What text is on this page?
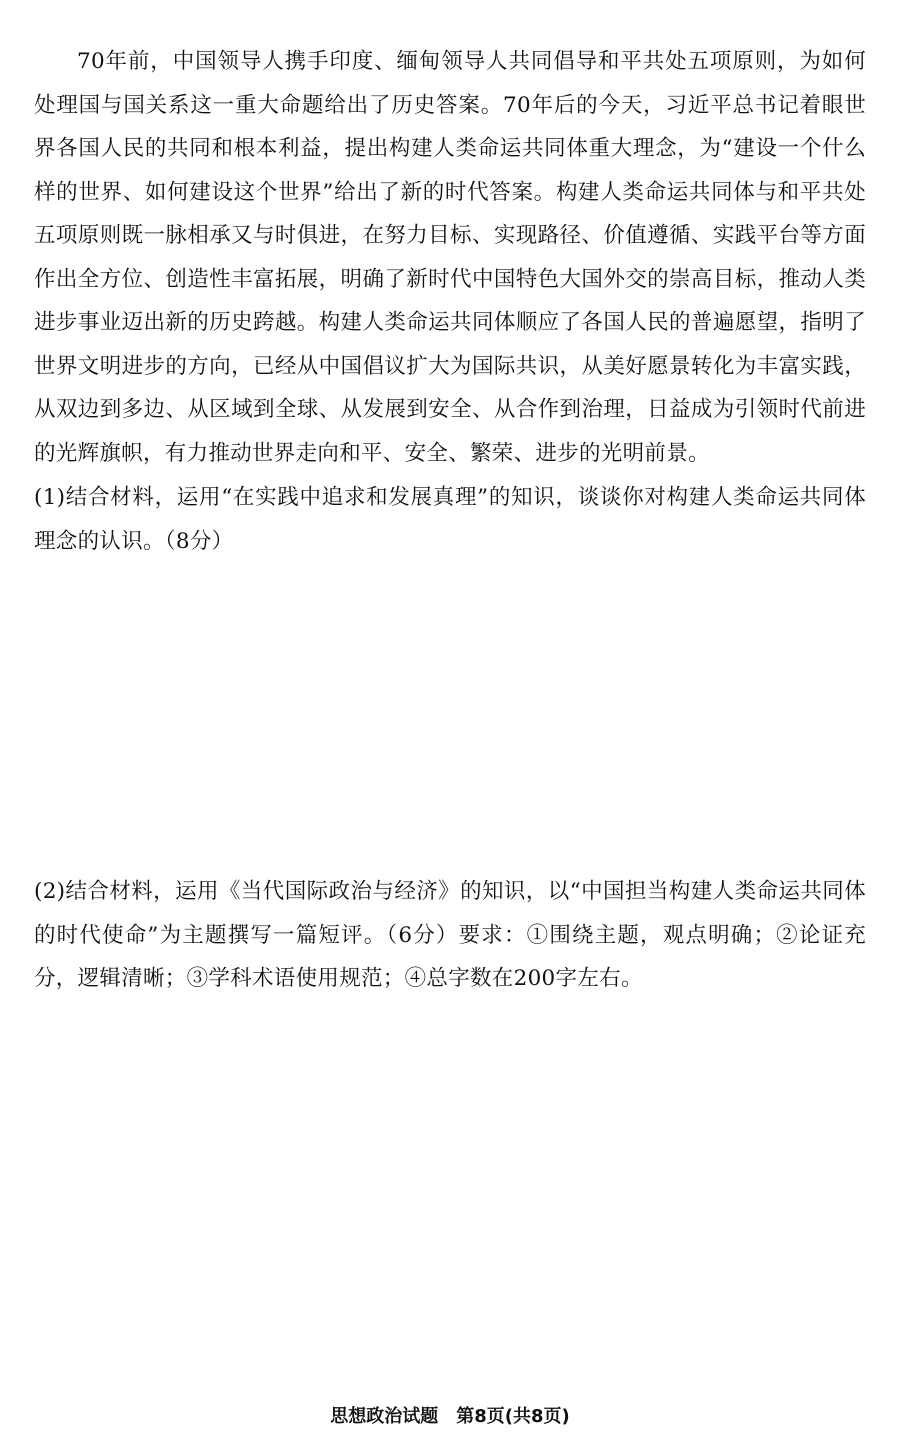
70年前，中国领导人携手印度、缅甸领导人共同倡导和平共处五项原则，为如何处理国与国关系这一重大命题给出了历史答案。70年后的今天，习近平总书记着眼世界各国人民的共同和根本利益，提出构建人类命运共同体重大理念，为“建设一个什么样的世界、如何建设这个世界”给出了新的时代答案。构建人类命运共同体与和平共处五项原则既一脉相承又与时俱进，在努力目标、实现路径、价值遵循、实践平台等方面作出全方位、创造性丰富拓展，明确了新时代中国特色大国外交的崇高目标，推动人类进步事业迈出新的历史跨越。构建人类命运共同体顺应了各国人民的普遍愿望，指明了世界文明进步的方向，已经从中国倡议扩大为国际共识，从美好愿景转化为丰富实践，从双边到多边、从区域到全球、从发展到安全、从合作到治理，日益成为引领时代前进的光辉旗帜，有力推动世界走向和平、安全、繁荣、进步的光明前景。

(1)结合材料，运用“在实践中追求和发展真理”的知识，谈谈你对构建人类命运共同体理念的认识。（8分）

(2)结合材料，运用《当代国际政治与经济》的知识，以“中国担当构建人类命运共同体的时代使命”为主题撰写一篇短评。（6分）要求：①围绕主题，观点明确；②论证充分，逻辑清晰；③学科术语使用规范；④总字数在200字左右。

思想政治试题　第8页(共8页)
